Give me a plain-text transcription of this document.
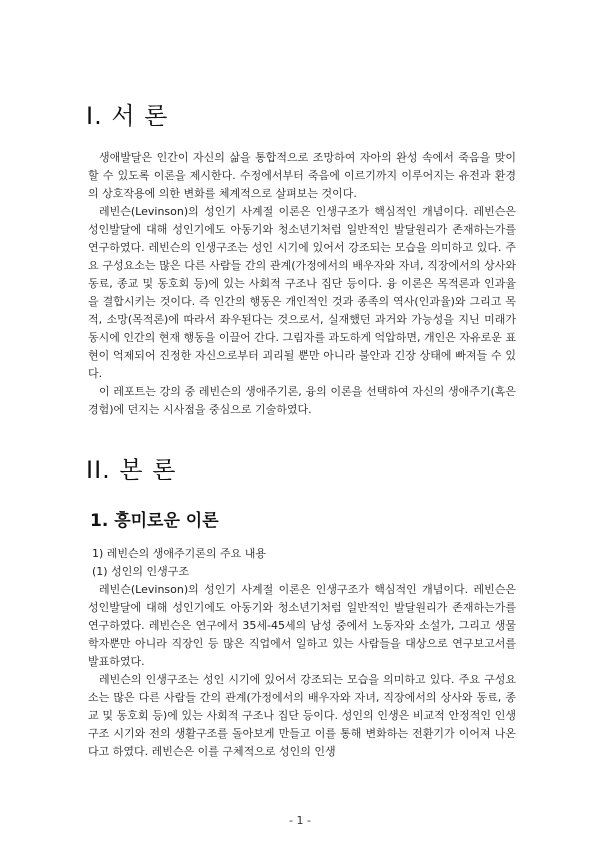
I. 서 론

생애발달은 인간이 자신의 삶을 통합적으로 조망하여 자아의 완성 속에서 죽음을 맞이할 수 있도록 이론을 제시한다. 수정에서부터 죽음에 이르기까지 이루어지는 유전과 환경의 상호작용에 의한 변화를 체계적으로 살펴보는 것이다.

레빈슨(Levinson)의 성인기 사계절 이론은 인생구조가 핵심적인 개념이다. 레빈슨은 성인발달에 대해 성인기에도 아동기와 청소년기처럼 일반적인 발달원리가 존재하는가를 연구하였다. 레빈슨의 인생구조는 성인 시기에 있어서 강조되는 모습을 의미하고 있다. 주요 구성요소는 많은 다른 사람들 간의 관계(가정에서의 배우자와 자녀, 직장에서의 상사와 동료, 종교 및 동호회 등)에 있는 사회적 구조나 집단 등이다. 융 이론은 목적론과 인과율을 결합시키는 것이다. 즉 인간의 행동은 개인적인 것과 종족의 역사(인과율)와 그리고 목적, 소망(목적론)에 따라서 좌우된다는 것으로서, 실재했던 과거와 가능성을 지닌 미래가 동시에 인간의 현재 행동을 이끌어 간다. 그림자를 과도하게 억압하면, 개인은 자유로운 표현이 억제되어 진정한 자신으로부터 괴리될 뿐만 아니라 불안과 긴장 상태에 빠져들 수 있다.

이 레포트는 강의 중 레빈슨의 생애주기론, 융의 이론을 선택하여 자신의 생애주기(혹은 경험)에 던지는 시사점을 중심으로 기술하였다.

II. 본 론
1. 흥미로운 이론
1) 레빈슨의 생애주기론의 주요 내용
(1) 성인의 인생구조

레빈슨(Levinson)의 성인기 사계절 이론은 인생구조가 핵심적인 개념이다. 레빈슨은 성인발달에 대해 성인기에도 아동기와 청소년기처럼 일반적인 발달원리가 존재하는가를 연구하였다. 레빈슨은 연구에서 35세-45세의 남성 중에서 노동자와 소설가, 그리고 생물학자뿐만 아니라 직장인 등 많은 직업에서 일하고 있는 사람들을 대상으로 연구보고서를 발표하였다.

레빈슨의 인생구조는 성인 시기에 있어서 강조되는 모습을 의미하고 있다. 주요 구성요소는 많은 다른 사람들 간의 관계(가정에서의 배우자와 자녀, 직장에서의 상사와 동료, 종교 및 동호회 등)에 있는 사회적 구조나 집단 등이다. 성인의 인생은 비교적 안정적인 인생구조 시기와 전의 생활구조를 돌아보게 만들고 이를 통해 변화하는 전환기가 이어져 나온다고 하였다. 레빈슨은 이를 구체적으로 성인의 인생

- 1 -
